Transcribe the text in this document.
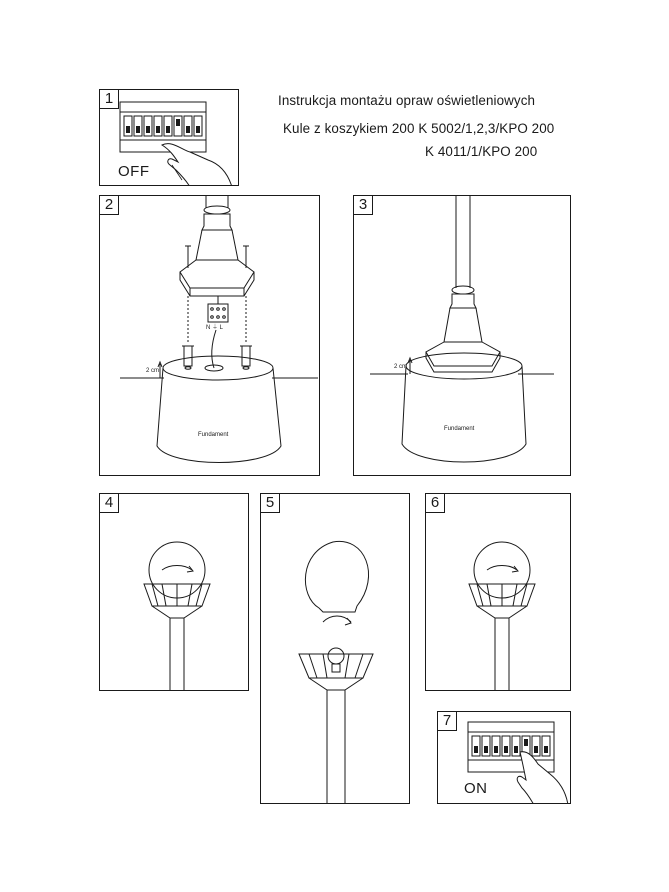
Instrukcja montażu opraw oświetleniowych
Kule z koszykiem 200 K 5002/1,2,3/KPO 200
K 4011/1/KPO 200
1
OFF
2
N ⏚ L
2 cm
Fundament
3
2 cm
Fundament
4	5	6
7
ON
